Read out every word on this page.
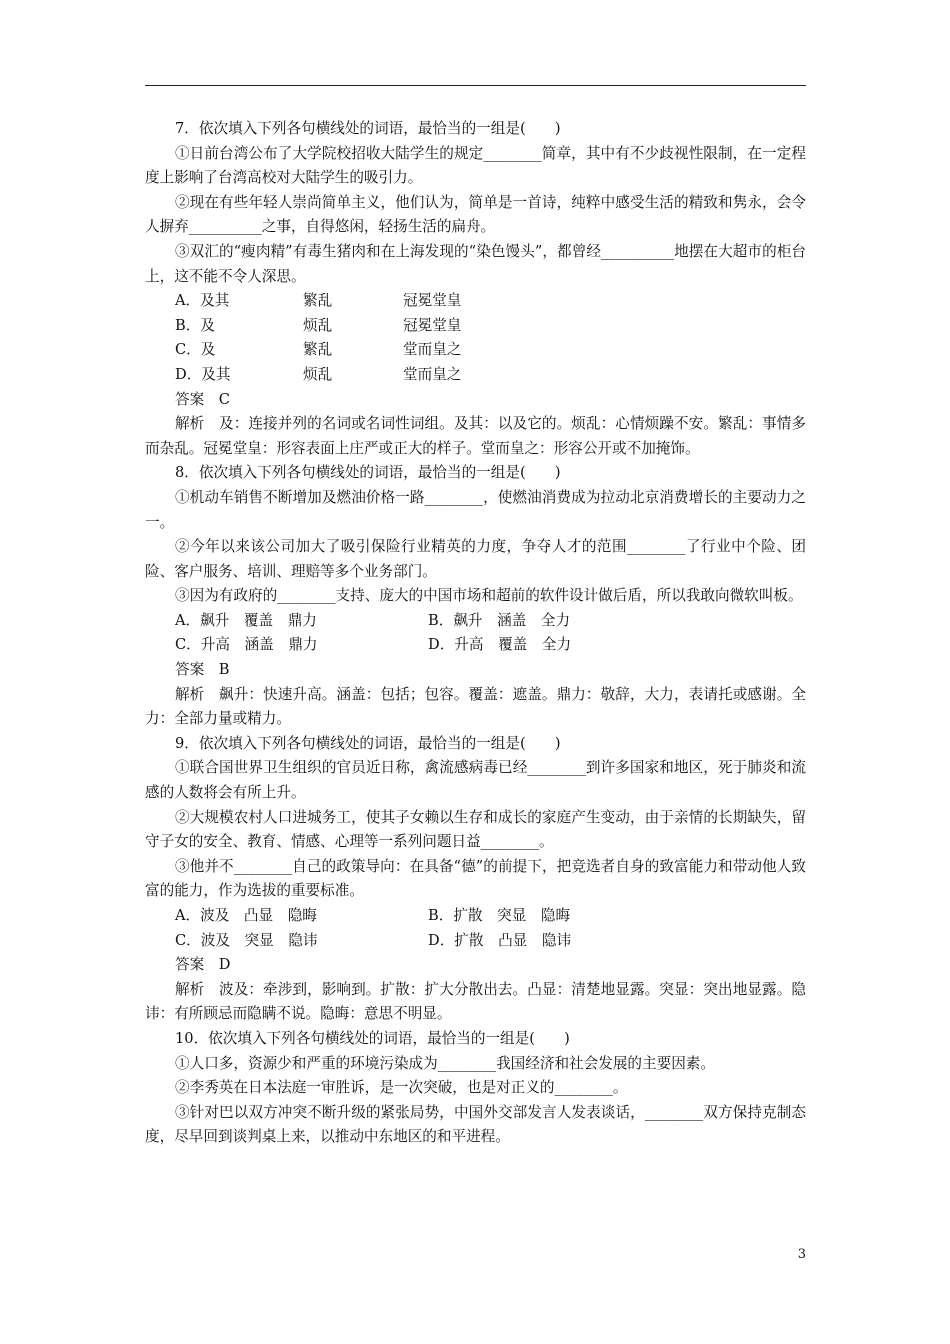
7．依次填入下列各句横线处的词语，最恰当的一组是(　　)

①日前台湾公布了大学院校招收大陆学生的规定________简章，其中有不少歧视性限制，在一定程度上影响了台湾高校对大陆学生的吸引力。

②现在有些年轻人崇尚简单主义，他们认为，简单是一首诗，纯粹中感受生活的精致和隽永，会令人摒弃__________之事，自得悠闲，轻扬生活的扁舟。

③双汇的“瘦肉精”有毒生猪肉和在上海发现的“染色馒头”，都曾经__________地摆在大超市的柜台上，这不能不令人深思。

A．及其	繁乱	冠冕堂皇

B．及	烦乱	冠冕堂皇

C．及	繁乱	堂而皇之

D．及其	烦乱	堂而皇之

答案　C

解析　及：连接并列的名词或名词性词组。及其：以及它的。烦乱：心情烦躁不安。繁乱：事情多而杂乱。冠冕堂皇：形容表面上庄严或正大的样子。堂而皇之：形容公开或不加掩饰。

8．依次填入下列各句横线处的词语，最恰当的一组是(　　)

①机动车销售不断增加及燃油价格一路________，使燃油消费成为拉动北京消费增长的主要动力之一。

②今年以来该公司加大了吸引保险行业精英的力度，争夺人才的范围________了行业中个险、团险、客户服务、培训、理赔等多个业务部门。

③因为有政府的________支持、庞大的中国市场和超前的软件设计做后盾，所以我敢向微软叫板。

A．飙升　覆盖　鼎力	B．飙升　涵盖　全力

C．升高　涵盖　鼎力	D．升高　覆盖　全力

答案　B

解析　飙升：快速升高。涵盖：包括；包容。覆盖：遮盖。鼎力：敬辞，大力，表请托或感谢。全力：全部力量或精力。

9．依次填入下列各句横线处的词语，最恰当的一组是(　　)

①联合国世界卫生组织的官员近日称，禽流感病毒已经________到许多国家和地区，死于肺炎和流感的人数将会有所上升。

②大规模农村人口进城务工，使其子女赖以生存和成长的家庭产生变动，由于亲情的长期缺失，留守子女的安全、教育、情感、心理等一系列问题日益________。

③他并不________自己的政策导向：在具备“德”的前提下，把竞选者自身的致富能力和带动他人致富的能力，作为选拔的重要标准。

A．波及　凸显　隐晦	B．扩散　突显　隐晦

C．波及　突显　隐讳	D．扩散　凸显　隐讳

答案　D

解析　波及：牵涉到，影响到。扩散：扩大分散出去。凸显：清楚地显露。突显：突出地显露。隐讳：有所顾忌而隐瞒不说。隐晦：意思不明显。

10．依次填入下列各句横线处的词语，最恰当的一组是(　　)

①人口多，资源少和严重的环境污染成为________我国经济和社会发展的主要因素。

②李秀英在日本法庭一审胜诉，是一次突破，也是对正义的________。

③针对巴以双方冲突不断升级的紧张局势，中国外交部发言人发表谈话，________双方保持克制态度，尽早回到谈判桌上来，以推动中东地区的和平进程。

3
